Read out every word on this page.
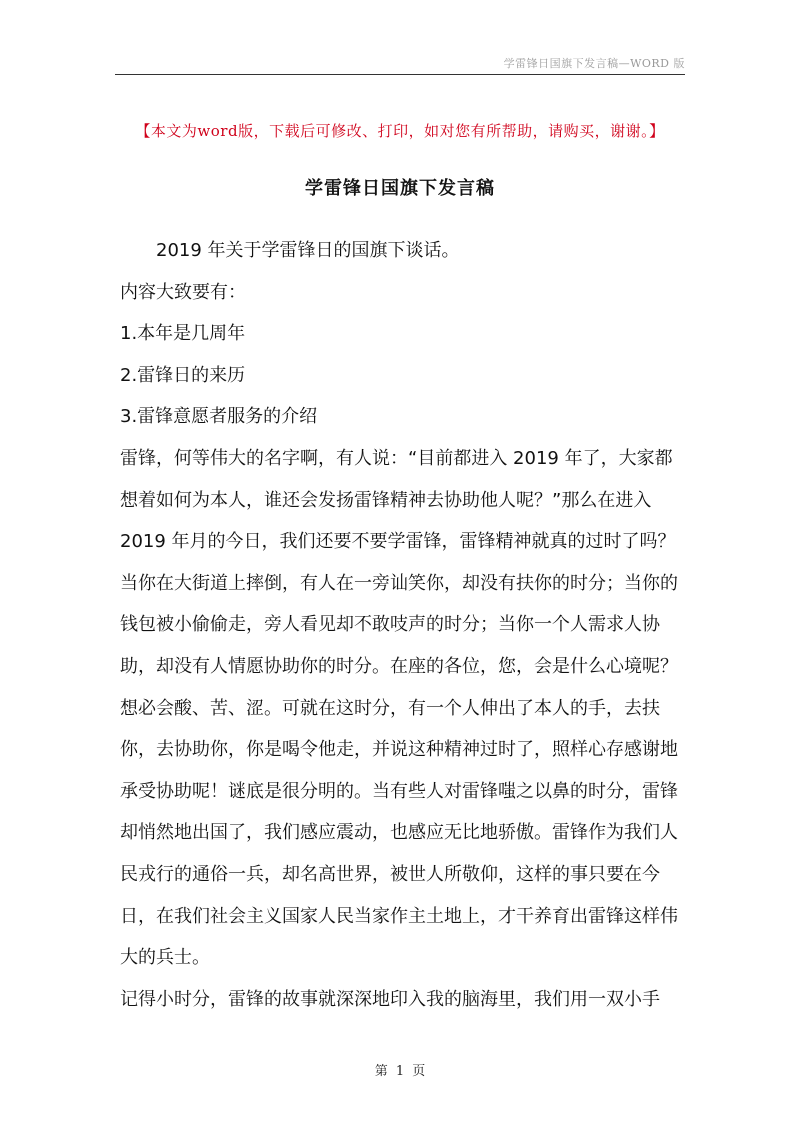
学雷锋日国旗下发言稿—WORD 版
【本文为word版，下载后可修改、打印，如对您有所帮助，请购买，谢谢。】
学雷锋日国旗下发言稿

2019 年关于学雷锋日的国旗下谈话。

内容大致要有：

1.本年是几周年

2.雷锋日的来历

3.雷锋意愿者服务的介绍

雷锋，何等伟大的名字啊，有人说：“目前都进入 2019 年了，大家都想着如何为本人，谁还会发扬雷锋精神去协助他人呢？”那么在进入 2019 年月的今日，我们还要不要学雷锋，雷锋精神就真的过时了吗？当你在大街道上摔倒，有人在一旁讪笑你，却没有扶你的时分；当你的钱包被小偷偷走，旁人看见却不敢吱声的时分；当你一个人需求人协助，却没有人情愿协助你的时分。在座的各位，您，会是什么心境呢？想必会酸、苦、涩。可就在这时分，有一个人伸出了本人的手，去扶你，去协助你，你是喝令他走，并说这种精神过时了，照样心存感谢地承受协助呢！谜底是很分明的。当有些人对雷锋嗤之以鼻的时分，雷锋却悄然地出国了，我们感应震动，也感应无比地骄傲。雷锋作为我们人民戎行的通俗一兵，却名高世界，被世人所敬仰，这样的事只要在今日，在我们社会主义国家人民当家作主土地上，才干养育出雷锋这样伟大的兵士。

记得小时分，雷锋的故事就深深地印入我的脑海里，我们用一双小手

第 1 页
